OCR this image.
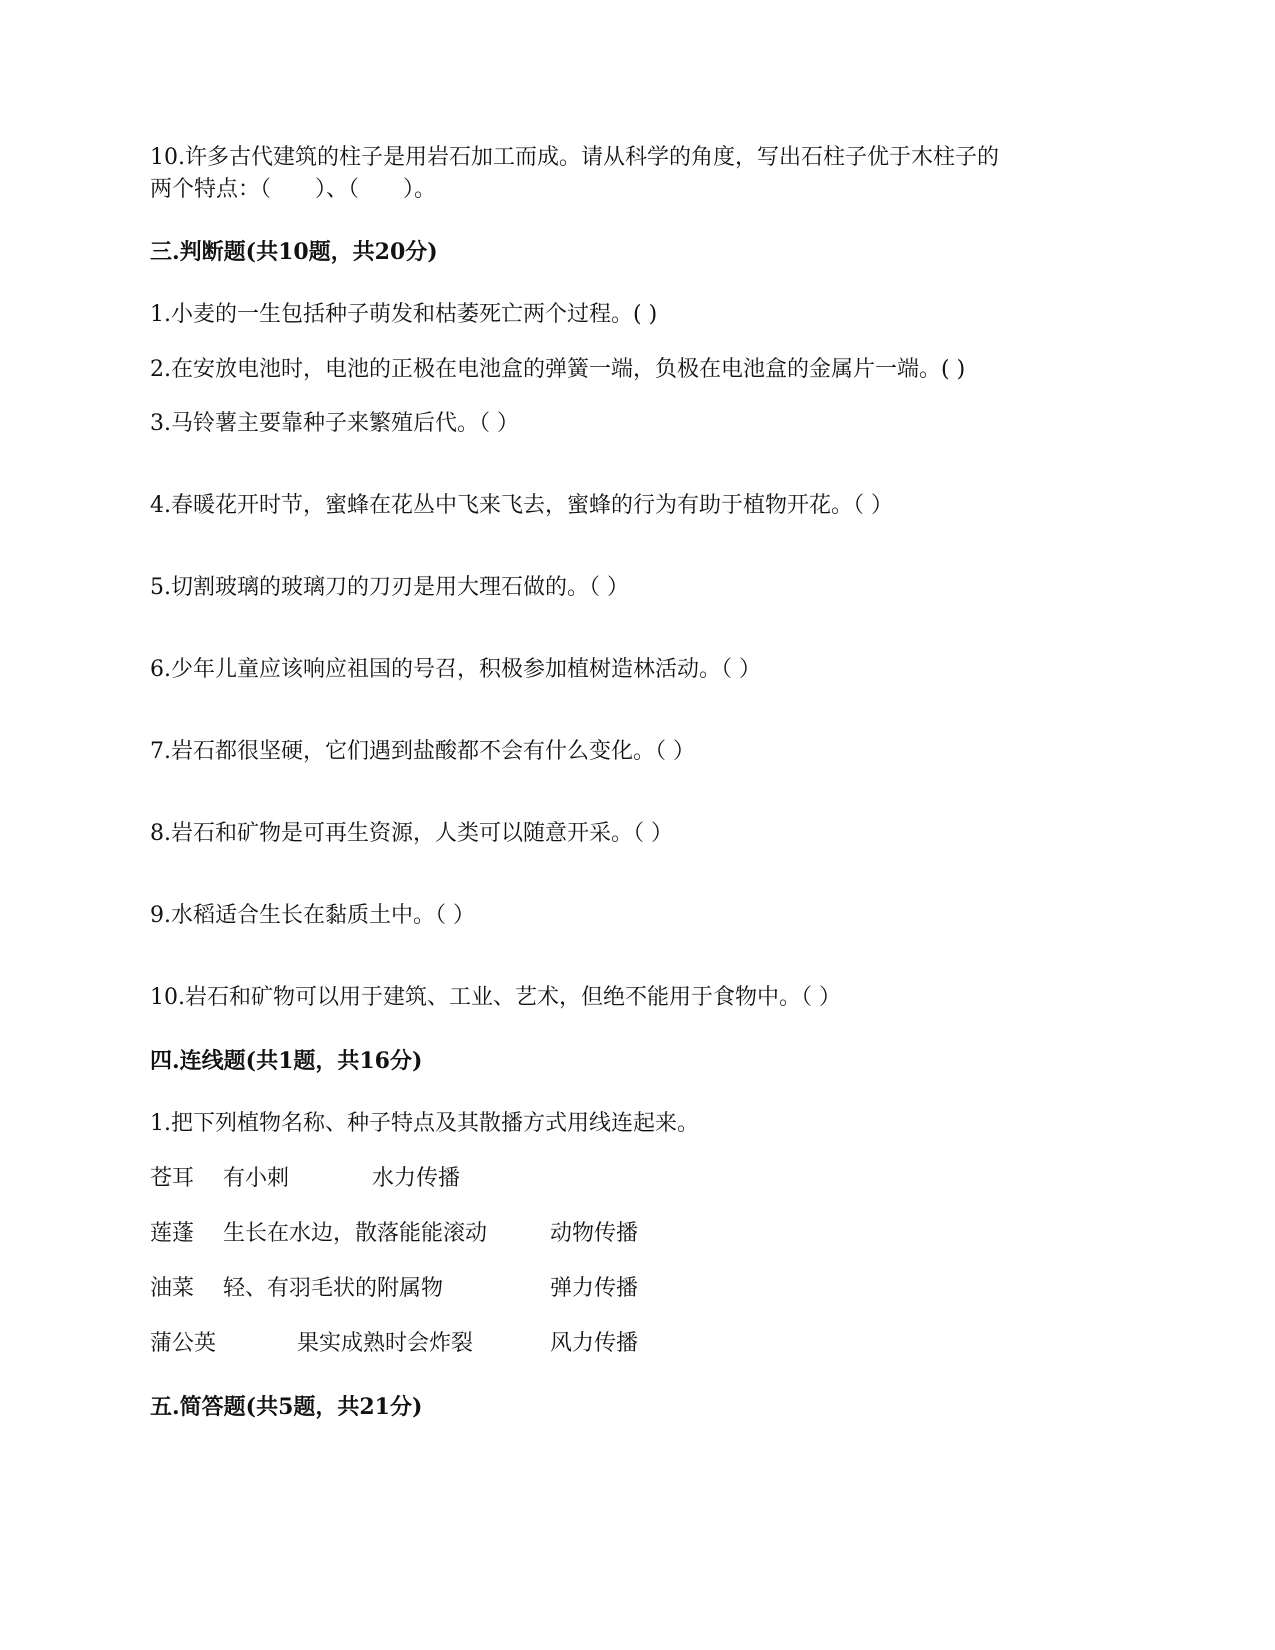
10.许多古代建筑的柱子是用岩石加工而成。请从科学的角度，写出石柱子优于木柱子的
两个特点：（　　）、（　　）。
三.判断题(共10题，共20分)
1.小麦的一生包括种子萌发和枯萎死亡两个过程。( )
2.在安放电池时，电池的正极在电池盒的弹簧一端，负极在电池盒的金属片一端。( )
3.马铃薯主要靠种子来繁殖后代。（ ）
4.春暖花开时节，蜜蜂在花丛中飞来飞去，蜜蜂的行为有助于植物开花。（ ）
5.切割玻璃的玻璃刀的刀刃是用大理石做的。（ ）
6.少年儿童应该响应祖国的号召，积极参加植树造林活动。（ ）
7.岩石都很坚硬，它们遇到盐酸都不会有什么变化。（ ）
8.岩石和矿物是可再生资源，人类可以随意开采。（ ）
9.水稻适合生长在黏质土中。（ ）
10.岩石和矿物可以用于建筑、工业、艺术，但绝不能用于食物中。（ ）
四.连线题(共1题，共16分)
1.把下列植物名称、种子特点及其散播方式用线连起来。
苍耳 有小刺	水力传播
莲蓬 生长在水边，散落能能滚动	动物传播
油菜 轻、有羽毛状的附属物	弹力传播
蒲公英	果实成熟时会炸裂	风力传播
五.简答题(共5题，共21分)
